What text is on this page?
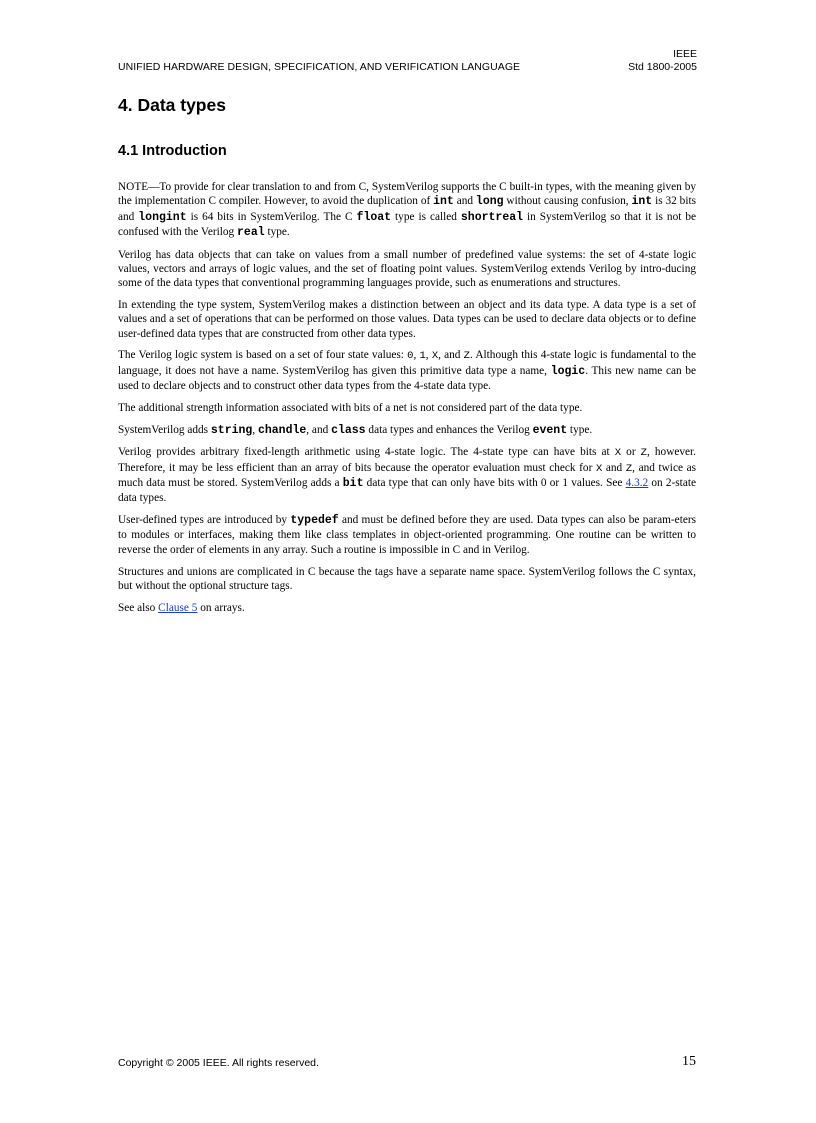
UNIFIED HARDWARE DESIGN, SPECIFICATION, AND VERIFICATION LANGUAGE
IEEE
Std 1800-2005
4. Data types
4.1 Introduction

NOTE—To provide for clear translation to and from C, SystemVerilog supports the C built-in types, with the meaning given by the implementation C compiler. However, to avoid the duplication of int and long without causing confusion, int is 32 bits and longint is 64 bits in SystemVerilog. The C float type is called shortreal in SystemVerilog so that it is not be confused with the Verilog real type.

Verilog has data objects that can take on values from a small number of predefined value systems: the set of 4-state logic values, vectors and arrays of logic values, and the set of floating point values. SystemVerilog extends Verilog by intro-ducing some of the data types that conventional programming languages provide, such as enumerations and structures.

In extending the type system, SystemVerilog makes a distinction between an object and its data type. A data type is a set of values and a set of operations that can be performed on those values. Data types can be used to declare data objects or to define user-defined data types that are constructed from other data types.

The Verilog logic system is based on a set of four state values: 0, 1, X, and Z. Although this 4-state logic is fundamental to the language, it does not have a name. SystemVerilog has given this primitive data type a name, logic. This new name can be used to declare objects and to construct other data types from the 4-state data type.

The additional strength information associated with bits of a net is not considered part of the data type.

SystemVerilog adds string, chandle, and class data types and enhances the Verilog event type.

Verilog provides arbitrary fixed-length arithmetic using 4-state logic. The 4-state type can have bits at X or Z, however. Therefore, it may be less efficient than an array of bits because the operator evaluation must check for X and Z, and twice as much data must be stored. SystemVerilog adds a bit data type that can only have bits with 0 or 1 values. See 4.3.2 on 2-state data types.

User-defined types are introduced by typedef and must be defined before they are used. Data types can also be param-eters to modules or interfaces, making them like class templates in object-oriented programming. One routine can be written to reverse the order of elements in any array. Such a routine is impossible in C and in Verilog.

Structures and unions are complicated in C because the tags have a separate name space. SystemVerilog follows the C syntax, but without the optional structure tags.

See also Clause 5 on arrays.

Copyright © 2005 IEEE. All rights reserved.	15
